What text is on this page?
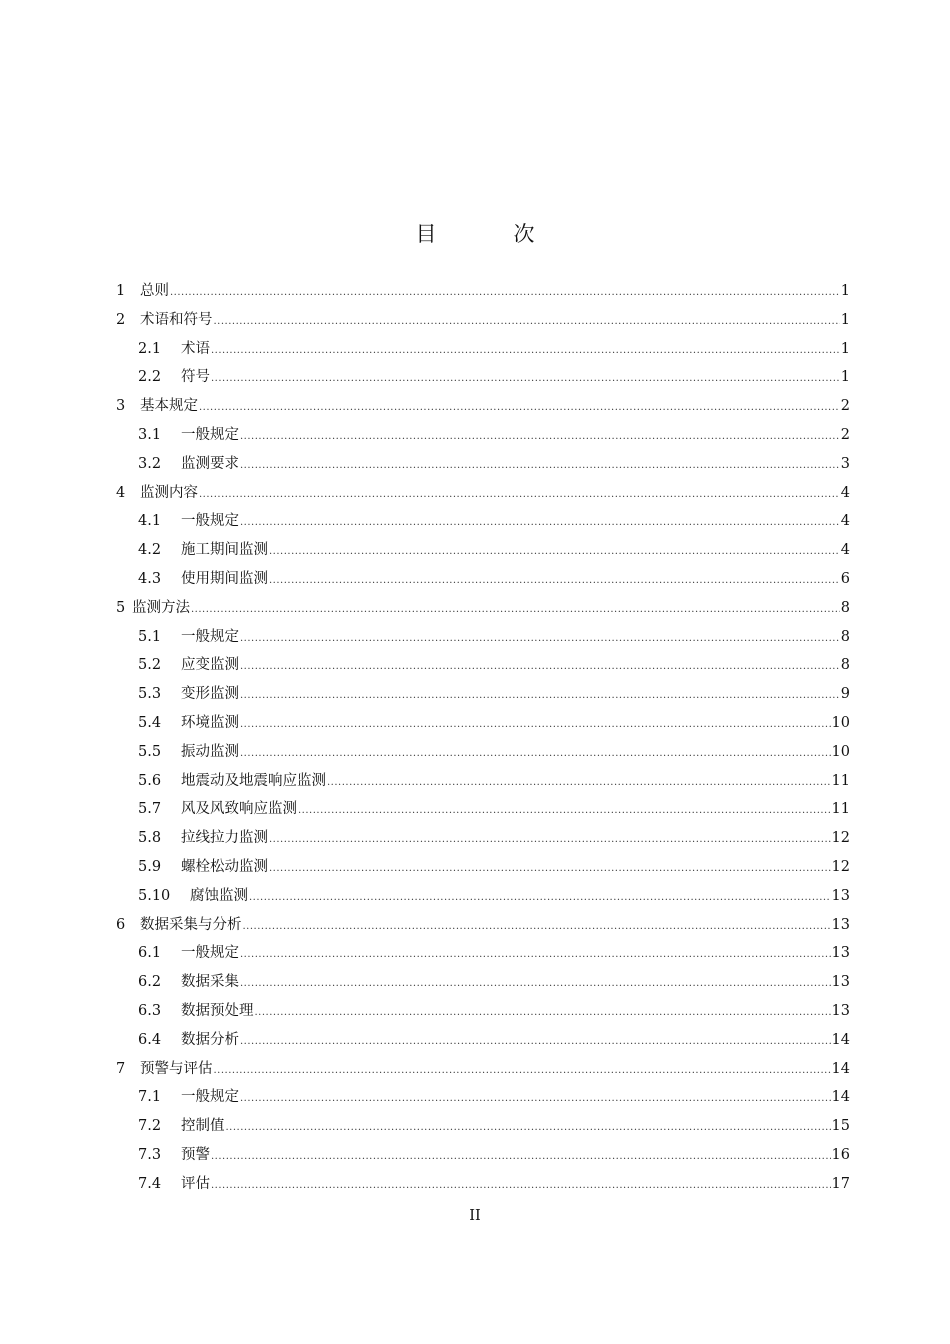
目　次
1	总则 .....	1
2	术语和符号 .....	1
2.1	术语 .....	1
2.2	符号 .....	1
3	基本规定 .....	2
3.1	一般规定 .....	2
3.2	监测要求 .....	3
4	监测内容 .....	4
4.1	一般规定 .....	4
4.2	施工期间监测 .....	4
4.3	使用期间监测 .....	6
5 监测方法 .....	8
5.1	一般规定 .....	8
5.2	应变监测 .....	8
5.3	变形监测 .....	9
5.4	环境监测 .....	10
5.5	振动监测 .....	10
5.6	地震动及地震响应监测 .....	11
5.7	风及风致响应监测 .....	11
5.8	拉线拉力监测 .....	12
5.9	螺栓松动监测 .....	12
5.10	腐蚀监测 .....	13
6	数据采集与分析 .....	13
6.1	一般规定 .....	13
6.2	数据采集 .....	13
6.3	数据预处理 .....	13
6.4	数据分析 .....	14
7	预警与评估 .....	14
7.1	一般规定 .....	14
7.2	控制值 .....	15
7.3	预警 .....	16
7.4	评估 .....	17
II
